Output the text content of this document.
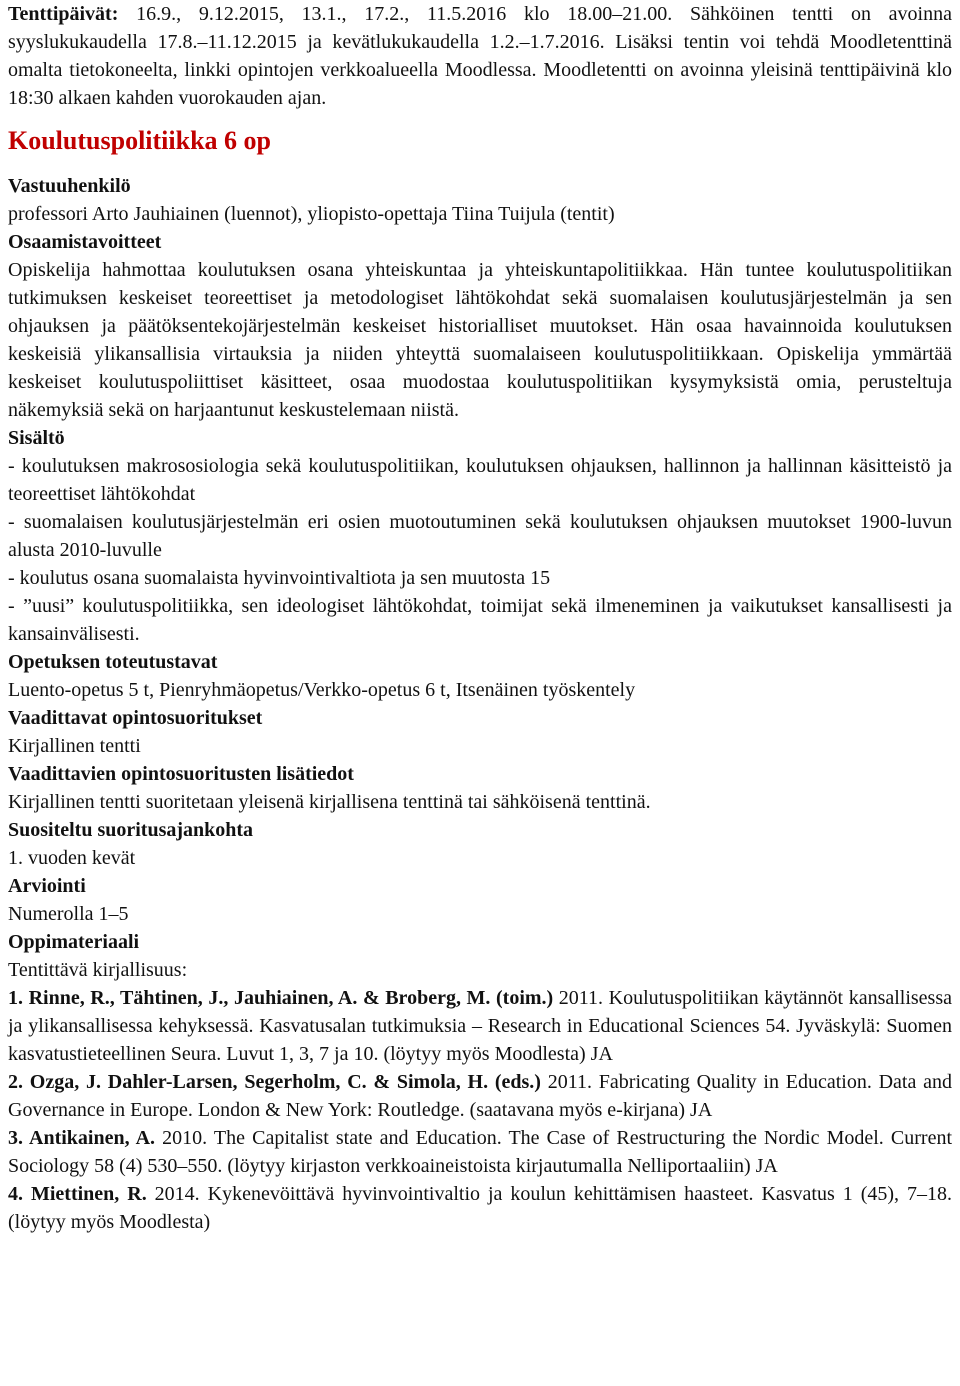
Tenttipäivät: 16.9., 9.12.2015, 13.1., 17.2., 11.5.2016 klo 18.00–21.00. Sähköinen tentti on avoinna syyslukukaudella 17.8.–11.12.2015 ja kevätlukukaudella 1.2.–1.7.2016. Lisäksi tentin voi tehdä Moodletenttinä omalta tietokoneelta, linkki opintojen verkkoalueella Moodlessa. Moodletentti on avoinna yleisinä tenttipäivinä klo 18:30 alkaen kahden vuorokauden ajan.

Koulutuspolitiikka 6 op

Vastuuhenkilö

professori Arto Jauhiainen (luennot), yliopisto-opettaja Tiina Tuijula (tentit)

Osaamistavoitteet

Opiskelija hahmottaa koulutuksen osana yhteiskuntaa ja yhteiskuntapolitiikkaa. Hän tuntee koulutuspolitiikan tutkimuksen keskeiset teoreettiset ja metodologiset lähtökohdat sekä suomalaisen koulutusjärjestelmän ja sen ohjauksen ja päätöksentekojärjestelmän keskeiset historialliset muutokset. Hän osaa havainnoida koulutuksen keskeisiä ylikansallisia virtauksia ja niiden yhteyttä suomalaiseen koulutuspolitiikkaan. Opiskelija ymmärtää keskeiset koulutuspoliittiset käsitteet, osaa muodostaa koulutuspolitiikan kysymyksistä omia, perusteltuja näkemyksiä sekä on harjaantunut keskustelemaan niistä.

Sisältö

- koulutuksen makrososiologia sekä koulutuspolitiikan, koulutuksen ohjauksen, hallinnon ja hallinnan käsitteistö ja teoreettiset lähtökohdat

- suomalaisen koulutusjärjestelmän eri osien muotoutuminen sekä koulutuksen ohjauksen muutokset 1900-luvun alusta 2010-luvulle

- koulutus osana suomalaista hyvinvointivaltiota ja sen muutosta 15

- ”uusi” koulutuspolitiikka, sen ideologiset lähtökohdat, toimijat sekä ilmeneminen ja vaikutukset kansallisesti ja kansainvälisesti.

Opetuksen toteutustavat

Luento-opetus 5 t, Pienryhmäopetus/Verkko-opetus 6 t, Itsenäinen työskentely

Vaadittavat opintosuoritukset

Kirjallinen tentti

Vaadittavien opintosuoritusten lisätiedot

Kirjallinen tentti suoritetaan yleisenä kirjallisena tenttinä tai sähköisenä tenttinä.

Suositeltu suoritusajankohta

1. vuoden kevät

Arviointi

Numerolla 1–5

Oppimateriaali

Tentittävä kirjallisuus:

1. Rinne, R., Tähtinen, J., Jauhiainen, A. & Broberg, M. (toim.) 2011. Koulutuspolitiikan käytännöt kansallisessa ja ylikansallisessa kehyksessä. Kasvatusalan tutkimuksia – Research in Educational Sciences 54. Jyväskylä: Suomen kasvatustieteellinen Seura. Luvut 1, 3, 7 ja 10. (löytyy myös Moodlesta) JA

2. Ozga, J. Dahler-Larsen, Segerholm, C. & Simola, H. (eds.) 2011. Fabricating Quality in Education. Data and Governance in Europe. London & New York: Routledge. (saatavana myös e-kirjana) JA

3. Antikainen, A. 2010. The Capitalist state and Education. The Case of Restructuring the Nordic Model. Current Sociology 58 (4) 530–550. (löytyy kirjaston verkkoaineistoista kirjautumalla Nelliportaaliin) JA

4. Miettinen, R. 2014. Kykenevöittävä hyvinvointivaltio ja koulun kehittämisen haasteet. Kasvatus 1 (45), 7–18. (löytyy myös Moodlesta)
